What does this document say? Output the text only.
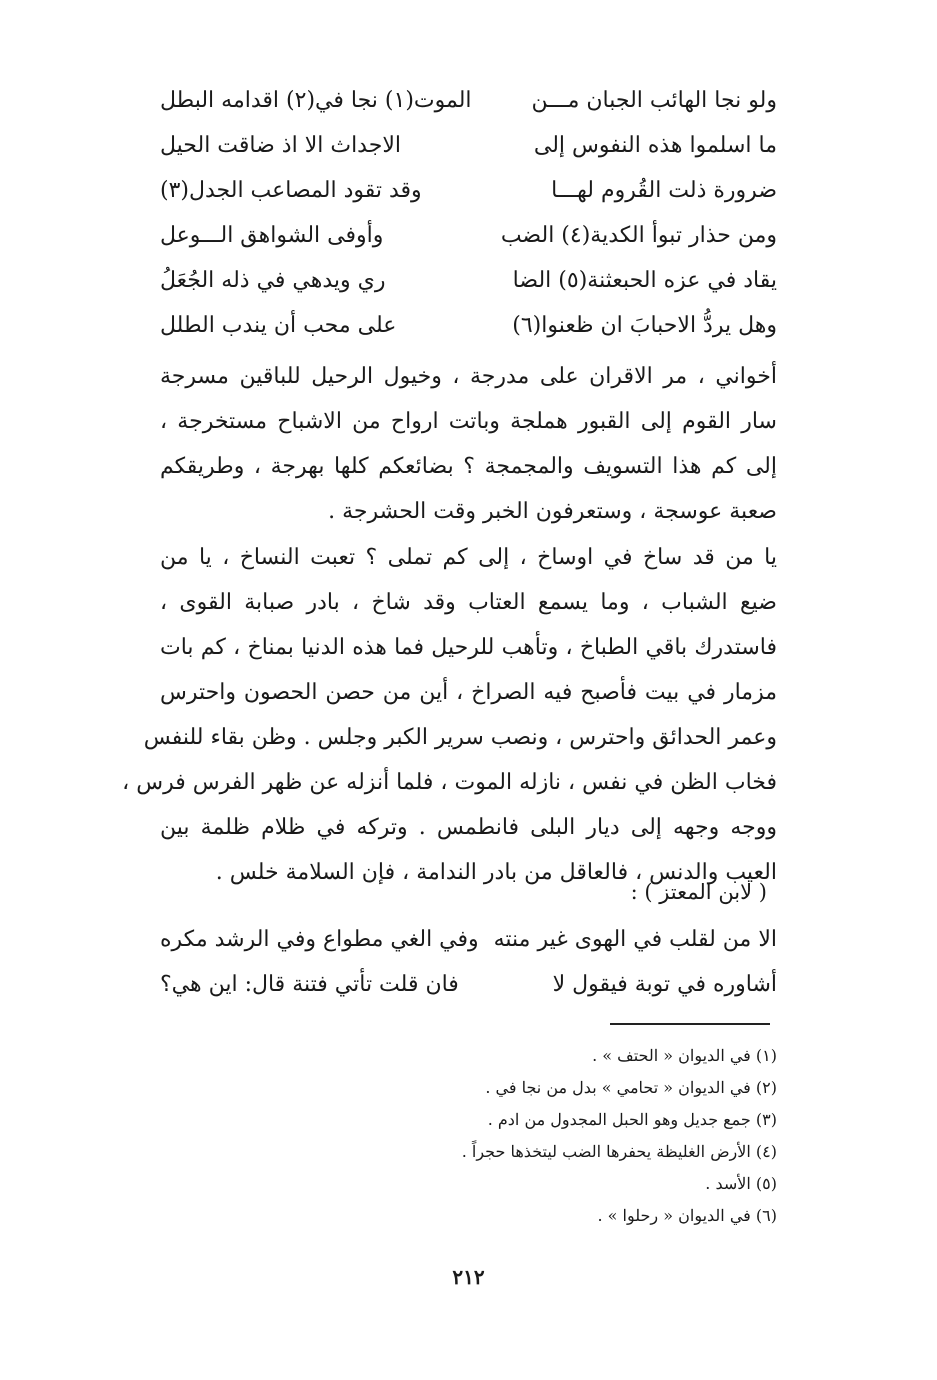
ولو نجا الهائب الجبان مـــن
الموت(١) نجا في(٢) اقدامه البطل
ما اسلموا هذه النفوس إلى
الاجداث الا اذ ضاقت الحيل
ضرورة ذلت القُروم لهـــا
وقد تقود المصاعب الجدل(٣)
ومن حذار تبوأ الكدية(٤) الضب
وأوفى الشواهق الـــوعل
يقاد في عزه الحبعثنة(٥) الضا
ري ويدهي في ذله الجُعَلُ
وهل يردُّ الاحبابَ ان ظعنوا(٦)
على محب أن يندب الطلل
أخواني ، مر الاقران على مدرجة ، وخيول الرحيل للباقين مسرجة
سار القوم إلى القبور هملجة وباتت ارواح من الاشباح مستخرجة ،
إلى كم هذا التسويف والمجمجة ؟ بضائعكم كلها بهرجة ، وطريقكم
صعبة عوسجة ، وستعرفون الخبر وقت الحشرجة .
يا من قد ساخ في اوساخ ، إلى كم تملى ؟ تعبت النساخ ، يا من
ضيع الشباب ، وما يسمع العتاب وقد شاخ ، بادر صبابة القوى ،
فاستدرك باقي الطباخ ، وتأهب للرحيل فما هذه الدنيا بمناخ ، كم بات
مزمار في بيت فأصبح فيه الصراخ ، أين من حصن الحصون واحترس
وعمر الحدائق واحترس ، ونصب سرير الكبر وجلس . وظن بقاء للنفس
فخاب الظن في نفس ، نازله الموت ، فلما أنزله عن ظهر الفرس فرس ،
ووجه وجهه إلى ديار البلى فانطمس . وتركه في ظلام ظلمة بين
العيب والدنس ، فالعاقل من بادر الندامة ، فإن السلامة خلس .
( لابن المعتز ) :
الا من لقلب في الهوى غير منته
وفي الغي مطواع وفي الرشد مكره
أشاوره في توبة فيقول لا
فان قلت تأتي فتنة قال: اين هي؟
(١) في الديوان « الحتف » .
(٢) في الديوان « تحامي » بدل من نجا في .
(٣) جمع جديل وهو الحبل المجدول من ادم .
(٤) الأرض الغليظة يحفرها الضب ليتخذها حجراً .
(٥) الأسد .
(٦) في الديوان « رحلوا » .
٢١٢
